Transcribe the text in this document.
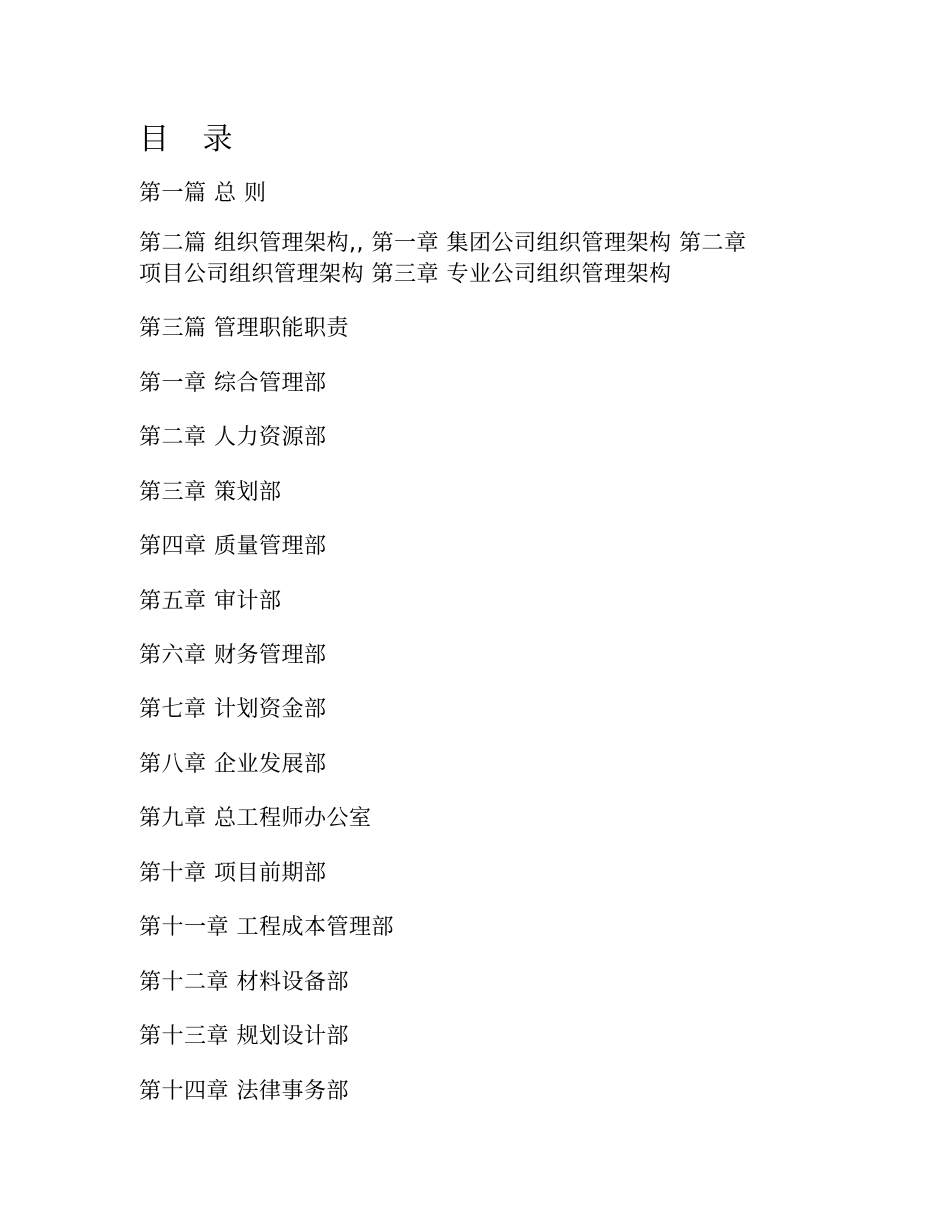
目 录
第一篇 总 则
第二篇 组织管理架构,, 第一章 集团公司组织管理架构 第二章
项目公司组织管理架构 第三章 专业公司组织管理架构
第三篇 管理职能职责
第一章 综合管理部
第二章 人力资源部
第三章 策划部
第四章 质量管理部
第五章 审计部
第六章 财务管理部
第七章 计划资金部
第八章 企业发展部
第九章 总工程师办公室
第十章 项目前期部
第十一章 工程成本管理部
第十二章 材料设备部
第十三章 规划设计部
第十四章 法律事务部
